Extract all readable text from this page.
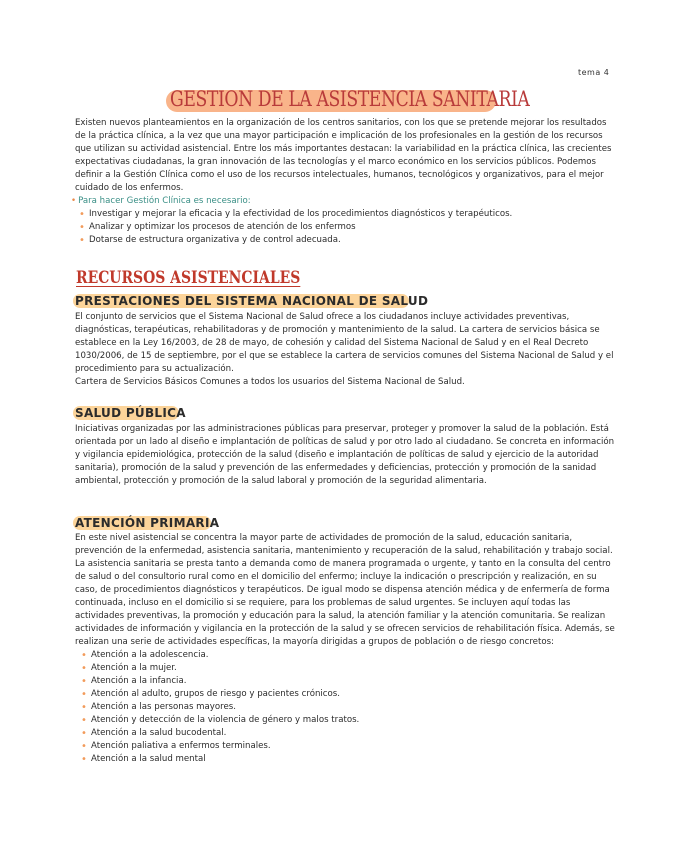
tema 4
GESTION DE LA ASISTENCIA SANITARIA

Existen nuevos planteamientos en la organización de los centros sanitarios, con los que se pretende mejorar los resultados de la práctica clínica, a la vez que una mayor participación e implicación de los profesionales en la gestión de los recursos que utilizan su actividad asistencial. Entre los más importantes destacan: la variabilidad en la práctica clínica, las crecientes expectativas ciudadanas, la gran innovación de las tecnologías y el marco económico en los servicios públicos. Podemos definir a la Gestión Clínica como el uso de los recursos intelectuales, humanos, tecnológicos y organizativos, para el mejor cuidado de los enfermos.

• Para hacer Gestión Clínica es necesario:

• Investigar y mejorar la eficacia y la efectividad de los procedimientos diagnósticos y terapéuticos.
• Analizar y optimizar los procesos de atención de los enfermos
• Dotarse de estructura organizativa y de control adecuada.
RECURSOS ASISTENCIALES
PRESTACIONES DEL SISTEMA NACIONAL DE SALUD

El conjunto de servicios que el Sistema Nacional de Salud ofrece a los ciudadanos incluye actividades preventivas, diagnósticas, terapéuticas, rehabilitadoras y de promoción y mantenimiento de la salud. La cartera de servicios básica se establece en la Ley 16/2003, de 28 de mayo, de cohesión y calidad del Sistema Nacional de Salud y en el Real Decreto 1030/2006, de 15 de septiembre, por el que se establece la cartera de servicios comunes del Sistema Nacional de Salud y el procedimiento para su actualización.

Cartera de Servicios Básicos Comunes a todos los usuarios del Sistema Nacional de Salud.

SALUD PÚBLICA

Iniciativas organizadas por las administraciones públicas para preservar, proteger y promover la salud de la población. Está orientada por un lado al diseño e implantación de políticas de salud y por otro lado al ciudadano. Se concreta en información y vigilancia epidemiológica, protección de la salud (diseño e implantación de políticas de salud y ejercicio de la autoridad sanitaria), promoción de la salud y prevención de las enfermedades y deficiencias, protección y promoción de la sanidad ambiental, protección y promoción de la salud laboral y promoción de la seguridad alimentaria.

ATENCIÓN PRIMARIA

En este nivel asistencial se concentra la mayor parte de actividades de promoción de la salud, educación sanitaria, prevención de la enfermedad, asistencia sanitaria, mantenimiento y recuperación de la salud, rehabilitación y trabajo social. La asistencia sanitaria se presta tanto a demanda como de manera programada o urgente, y tanto en la consulta del centro de salud o del consultorio rural como en el domicilio del enfermo; incluye la indicación o prescripción y realización, en su caso, de procedimientos diagnósticos y terapéuticos. De igual modo se dispensa atención médica y de enfermería de forma continuada, incluso en el domicilio si se requiere, para los problemas de salud urgentes. Se incluyen aquí todas las actividades preventivas, la promoción y educación para la salud, la atención familiar y la atención comunitaria. Se realizan actividades de información y vigilancia en la protección de la salud y se ofrecen servicios de rehabilitación física. Además, se realizan una serie de actividades específicas, la mayoría dirigidas a grupos de población o de riesgo concretos:

• Atención a la adolescencia.
• Atención a la mujer.
• Atención a la infancia.
• Atención al adulto, grupos de riesgo y pacientes crónicos.
• Atención a las personas mayores.
• Atención y detección de la violencia de género y malos tratos.
• Atención a la salud bucodental.
• Atención paliativa a enfermos terminales.
• Atención a la salud mental
